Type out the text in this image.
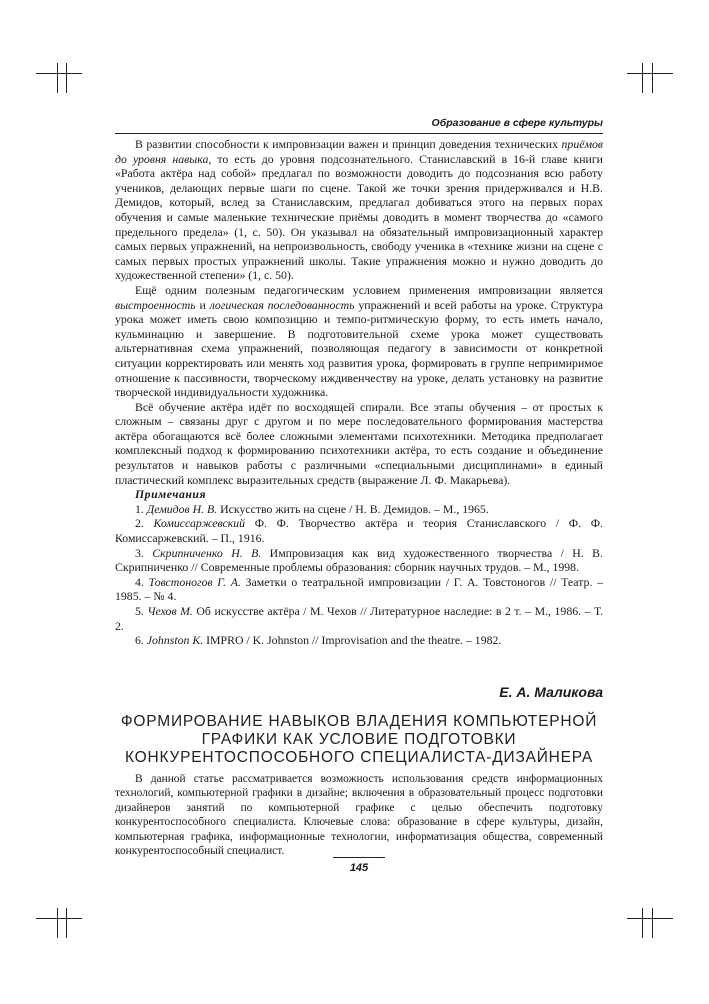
Образование в сфере культуры

В развитии способности к импровизации важен и принцип доведения технических приёмов до уровня навыка, то есть до уровня подсознательного. Станиславский в 16-й главе книги «Работа актёра над собой» предлагал по возможности доводить до подсознания всю работу учеников, делающих первые шаги по сцене. Такой же точки зрения придерживался и Н.В. Демидов, который, вслед за Станиславским, предлагал добиваться этого на первых порах обучения и самые маленькие технические приёмы доводить в момент творчества до «самого предельного предела» (1, с. 50). Он указывал на обязательный импровизационный характер самых первых упражнений, на непроизвольность, свободу ученика в «технике жизни на сцене с самых первых простых упражнений школы. Такие упражнения можно и нужно доводить до художественной степени» (1, с. 50).

Ещё одним полезным педагогическим условием применения импровизации является выстроенность и логическая последованность упражнений и всей работы на уроке. Структура урока может иметь свою композицию и темпо-ритмическую форму, то есть иметь начало, кульминацию и завершение. В подготовительной схеме урока может существовать альтернативная схема упражнений, позволяющая педагогу в зависимости от конкретной ситуации корректировать или менять ход развития урока, формировать в группе непримиримое отношение к пассивности, творческому иждивенчеству на уроке, делать установку на развитие творческой индивидуальности художника.

Всё обучение актёра идёт по восходящей спирали. Все этапы обучения – от простых к сложным – связаны друг с другом и по мере последовательного формирования мастерства актёра обогащаются всё более сложными элементами психотехники. Методика предполагает комплексный подход к формированию психотехники актёра, то есть создание и объединение результатов и навыков работы с различными «специальными дисциплинами» в единый пластический комплекс выразительных средств (выражение Л. Ф. Макарьева).

Примечания

1. Демидов Н. В. Искусство жить на сцене / Н. В. Демидов. – М., 1965.

2. Комиссаржевский Ф. Ф. Творчество актёра и теория Станиславского / Ф. Ф. Комиссаржевский. – П., 1916.

3. Скрипниченко Н. В. Импровизация как вид художественного творчества / Н. В. Скрипниченко // Современные проблемы образования: сборник научных трудов. – М., 1998.

4. Товстоногов Г. А. Заметки о театральной импровизации / Г. А. Товстоногов // Театр. – 1985. – № 4.

5. Чехов М. Об искусстве актёра / М. Чехов // Литературное наследие: в 2 т. – М., 1986. – Т. 2.

6. Johnston K. IMPRO / K. Johnston // Improvisation and the theatre. – 1982.

Е. А. Маликова
ФОРМИРОВАНИЕ НАВЫКОВ ВЛАДЕНИЯ КОМПЬЮТЕРНОЙ
ГРАФИКИ КАК УСЛОВИЕ ПОДГОТОВКИ
КОНКУРЕНТОСПОСОБНОГО СПЕЦИАЛИСТА-ДИЗАЙНЕРА

В данной статье рассматривается возможность использования средств информационных технологий, компьютерной графики в дизайне; включения в образовательный процесс подготовки дизайнеров занятий по компьютерной графике с целью обеспечить подготовку конкурентоспособного специалиста. Ключевые слова: образование в сфере культуры, дизайн, компьютерная графика, информационные технологии, информатизация общества, современный конкурентоспособный специалист.

145
